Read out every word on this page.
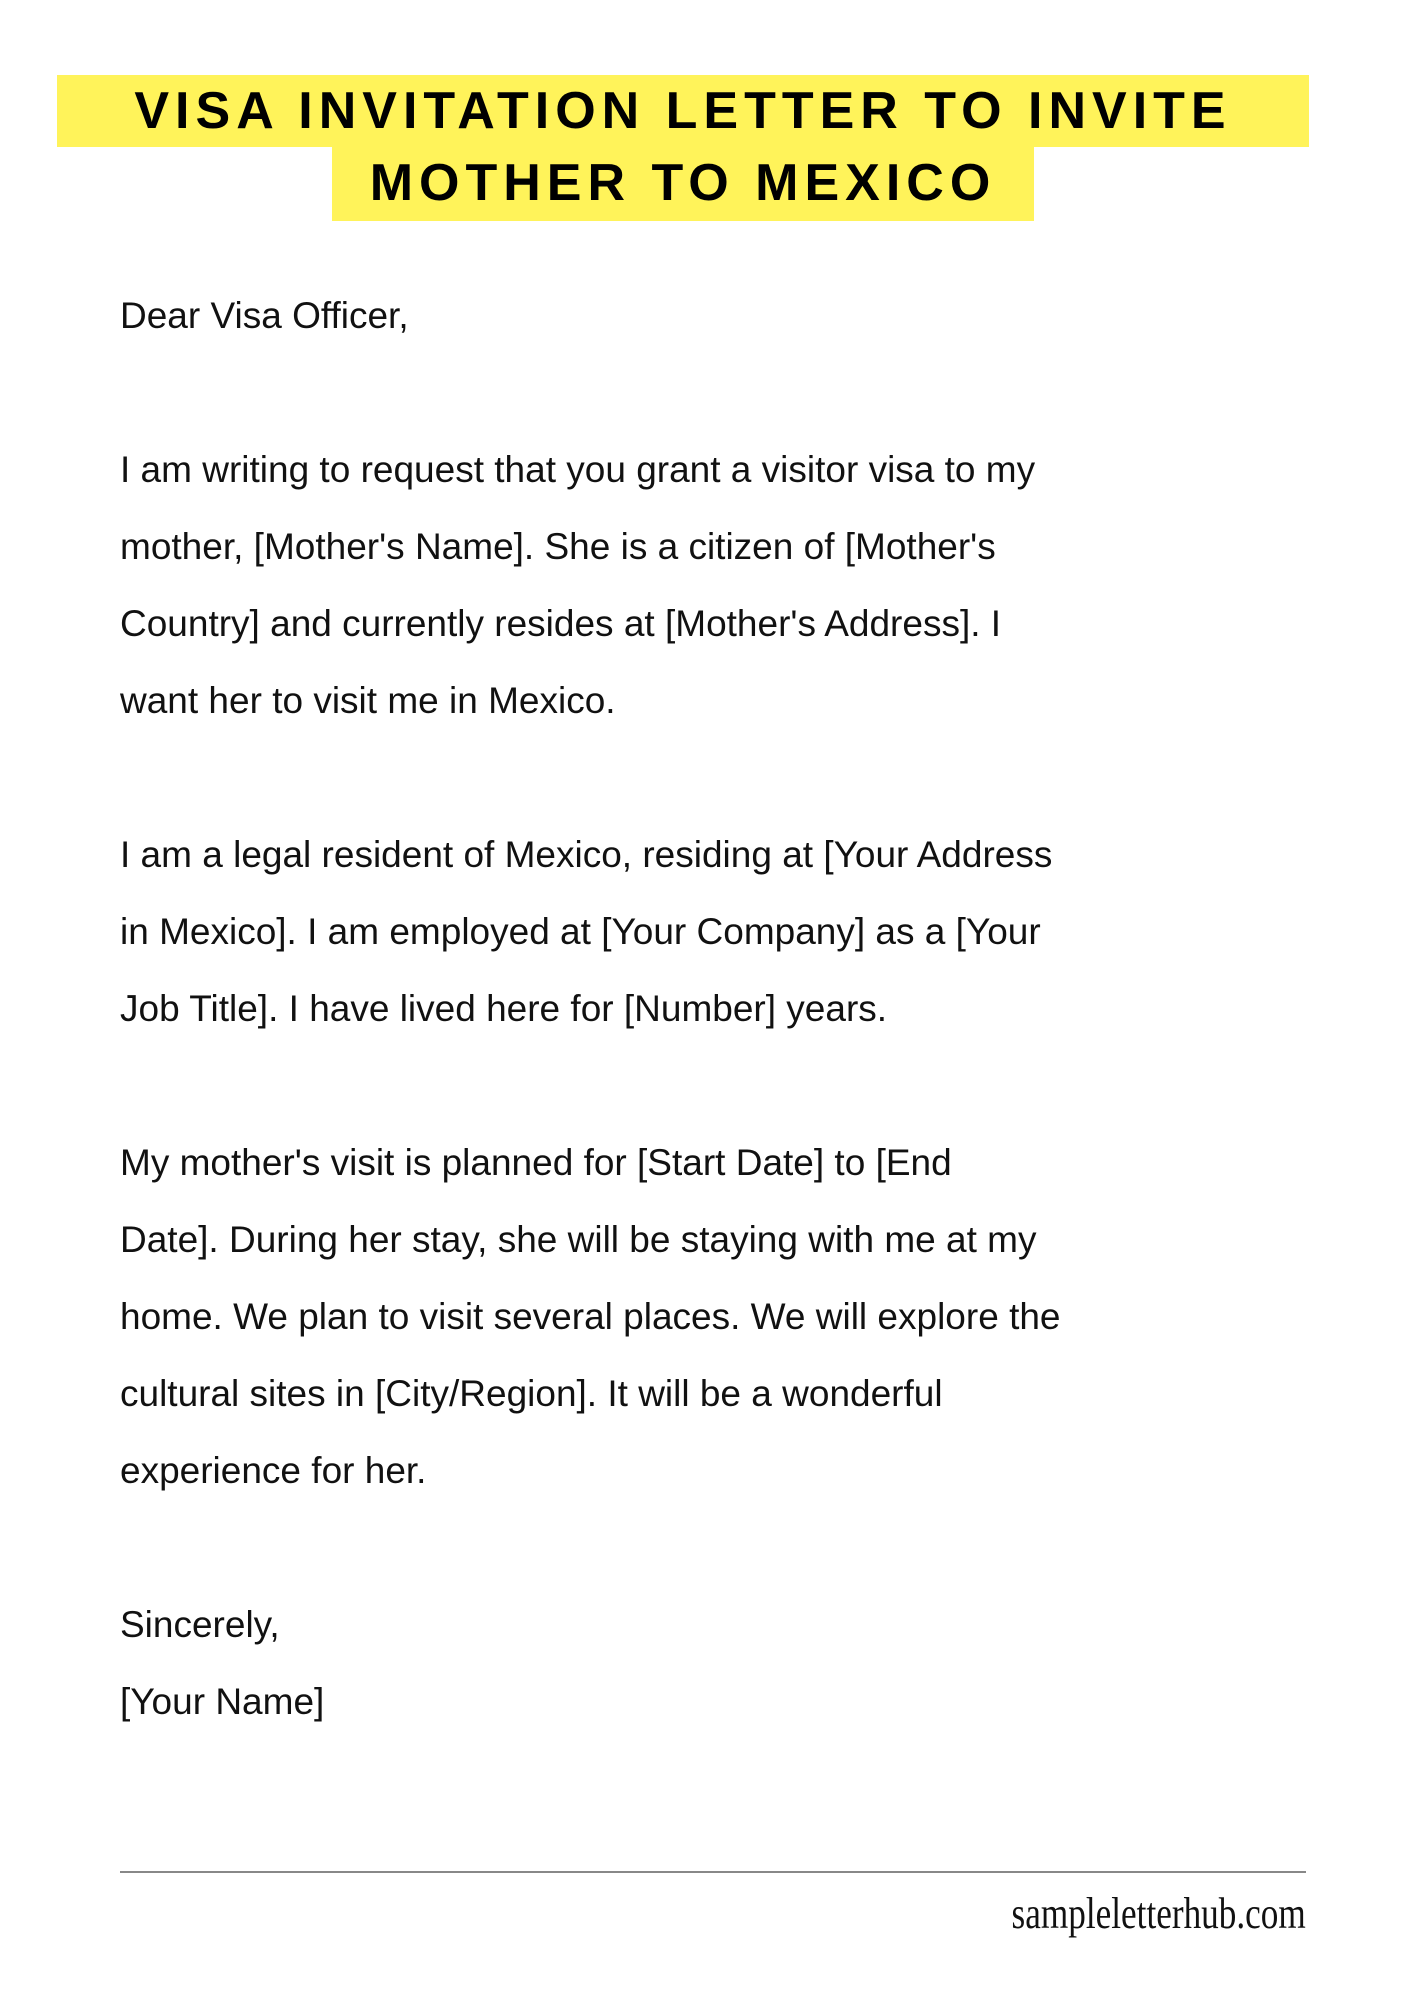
VISA INVITATION LETTER TO INVITE
MOTHER TO MEXICO
Dear Visa Officer,
I am writing to request that you grant a visitor visa to my
mother, [Mother's Name]. She is a citizen of [Mother's
Country] and currently resides at [Mother's Address]. I
want her to visit me in Mexico.
I am a legal resident of Mexico, residing at [Your Address
in Mexico]. I am employed at [Your Company] as a [Your
Job Title]. I have lived here for [Number] years.
My mother's visit is planned for [Start Date] to [End
Date]. During her stay, she will be staying with me at my
home. We plan to visit several places. We will explore the
cultural sites in [City/Region]. It will be a wonderful
experience for her.
Sincerely,
[Your Name]
sampleletterhub.com
